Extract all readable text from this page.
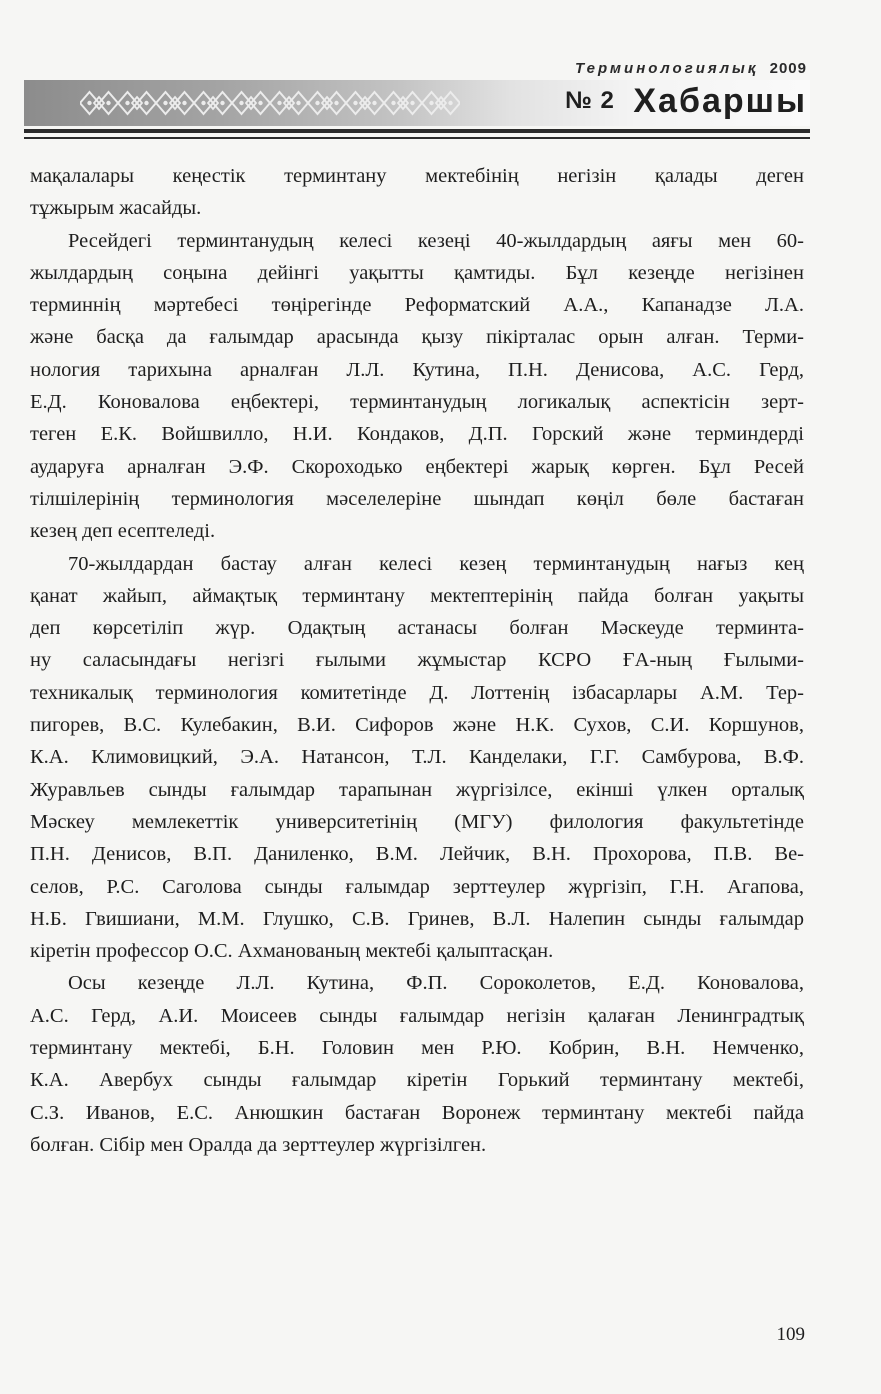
Терминологиялық 2009
№ 2 Хабаршы

мақалалары кеңестік терминтану мектебінің негізін қалады деген

тұжырым жасайды.

Ресейдегі терминтанудың келесі кезеңі 40-жылдардың аяғы мен 60-

жылдардың соңына дейінгі уақытты қамтиды. Бұл кезеңде негізінен

терминнің мәртебесі төңірегінде Реформатский А.А., Капанадзе Л.А.

және басқа да ғалымдар арасында қызу пікірталас орын алған. Терми-

нология тарихына арналған Л.Л. Кутина, П.Н. Денисова, А.С. Герд,

Е.Д. Коновалова еңбектері, терминтанудың логикалық аспектісін зерт-

теген Е.К. Войшвилло, Н.И. Кондаков, Д.П. Горский және терминдерді

аударуға арналған Э.Ф. Скороходько еңбектері жарық көрген. Бұл Ресей

тілшілерінің терминология мәселелеріне шындап көңіл бөле бастаған

кезең деп есептеледі.

70-жылдардан бастау алған келесі кезең терминтанудың нағыз кең

қанат жайып, аймақтық терминтану мектептерінің пайда болған уақыты

деп көрсетіліп жүр. Одақтың астанасы болған Мәскеуде терминта-

ну саласындағы негізгі ғылыми жұмыстар КСРО ҒА-ның Ғылыми-

техникалық терминология комитетінде Д. Лоттенің ізбасарлары А.М. Тер-

пигорев, В.С. Кулебакин, В.И. Сифоров және Н.К. Сухов, С.И. Коршунов,

К.А. Климовицкий, Э.А. Натансон, Т.Л. Канделаки, Г.Г. Самбурова, В.Ф.

Журавльев сынды ғалымдар тарапынан жүргізілсе, екінші үлкен орталық

Мәскеу мемлекеттік университетінің (МГУ) филология факультетінде

П.Н. Денисов, В.П. Даниленко, В.М. Лейчик, В.Н. Прохорова, П.В. Ве-

селов, Р.С. Саголова сынды ғалымдар зерттеулер жүргізіп, Г.Н. Агапова,

Н.Б. Гвишиани, М.М. Глушко, С.В. Гринев, В.Л. Налепин сынды ғалымдар

кіретін профессор О.С. Ахманованың мектебі қалыптасқан.

Осы кезеңде Л.Л. Кутина, Ф.П. Сороколетов, Е.Д. Коновалова,

А.С. Герд, А.И. Моисеев сынды ғалымдар негізін қалаған Ленинградтық

терминтану мектебі, Б.Н. Головин мен Р.Ю. Кобрин, В.Н. Немченко,

К.А. Авербух сынды ғалымдар кіретін Горький терминтану мектебі,

С.З. Иванов, Е.С. Анюшкин бастаған Воронеж терминтану мектебі пайда

болған. Сібір мен Оралда да зерттеулер жүргізілген.

109
